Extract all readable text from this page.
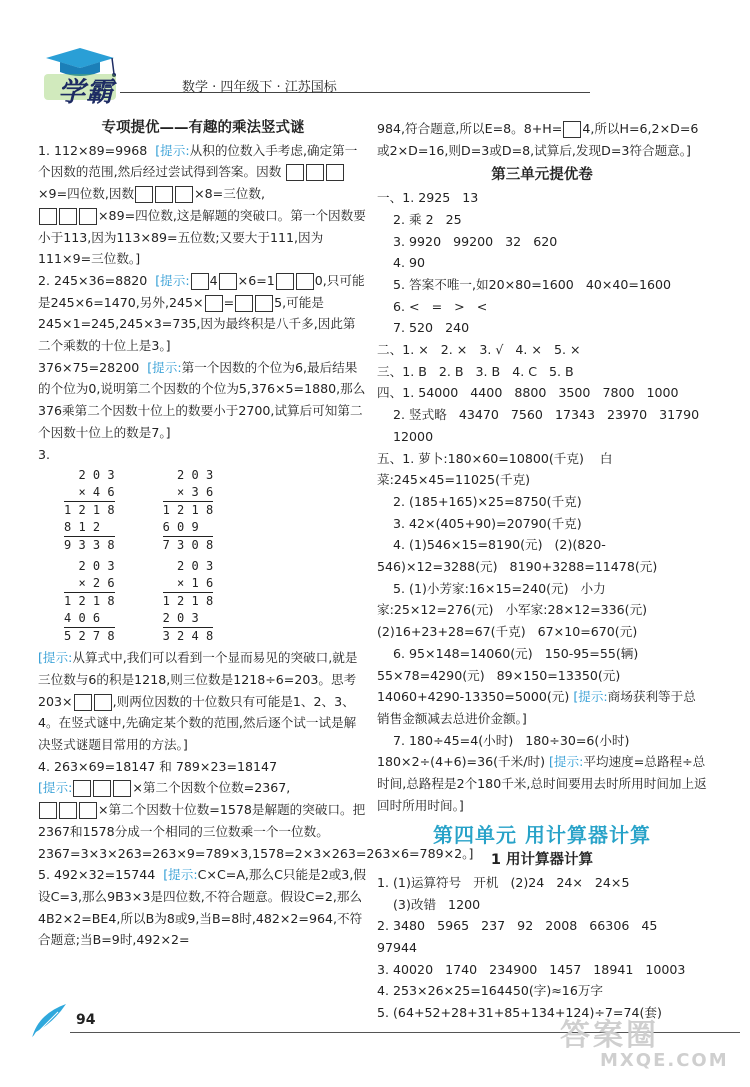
学霸	数学 · 四年级下 · 江苏国标

专项提优——有趣的乘法竖式谜

1. 112×89=9968 [提示:从积的位数入手考虑,确定第一个因数的范围,然后经过尝试得到答案。因数 ×9=四位数,因数	×8=三位数,
×89=四位数,这是解题的突破口。第一个因数要小于113,因为113×89=五位数;又要大于111,因为111×9=三位数。]

2. 245×36=8820 [提示: 4 ×6=1	0,只可能是245×6=1470,另外,245× =	5,可能是245×1=245,245×3=735,因为最终积是八千多,因此第二个乘数的十位上是3。]
376×75=28200 [提示:第一个因数的个位为6,最后结果的个位为0,说明第二个因数的个位为5,376×5=1880,那么376乘第二个因数十位上的数要小于2700,试算后可知第二个因数十位上的数是7。]

3.
2 0 3
× 4 6
1 2 1 8
8 1 2
9 3 3 8

2 0 3
× 3 6
1 2 1 8
6 0 9
7 3 0 8
2 0 3
× 2 6
1 2 1 8
4 0 6
5 2 7 8

2 0 3
× 1 6
1 2 1 8
2 0 3
3 2 4 8

[提示:从算式中,我们可以看到一个显而易见的突破口,就是三位数与6的积是1218,则三位数是1218÷6=203。思考203×	,则两位因数的十位数只有可能是1、2、3、4。在竖式谜中,先确定某个数的范围,然后逐个试一试是解决竖式谜题目常用的方法。]

4. 263×69=18147 和 789×23=18147
[提示:	×第二个因数个位数=2367,
×第二个因数十位数=1578是解题的突破口。把2367和1578分成一个相同的三位数乘一个一位数。2367=3×3×263=263×9=789×3,1578=2×3×263=263×6=789×2。]

5. 492×32=15744 [提示:C×C=A,那么C只能是2或3,假设C=3,那么9B3×3是四位数,不符合题意。假设C=2,那么4B2×2=BE4,所以B为8或9,当B=8时,482×2=964,不符合题意;当B=9时,492×2=

984,符合题意,所以E=8。8+H= 4,所以H=6,2×D=6或2×D=16,则D=3或D=8,试算后,发现D=3符合题意。]

第三单元提优卷

一、1. 2925   13

2. 乘 2   25

3. 9920   99200   32   620

4. 90

5. 答案不唯一,如20×80=1600   40×40=1600

6. <   =   >   <

7. 520   240

二、1. ×   2. ×   3. √   4. ×   5. ×

三、1. B   2. B   3. B   4. C   5. B

四、1. 54000   4400   8800   3500   7800   1000

2. 竖式略   43470   7560   17343   23970   31790

12000

五、1. 萝卜:180×60=10800(千克)    白菜:245×45=11025(千克)

2. (185+165)×25=8750(千克)

3. 42×(405+90)=20790(千克)

4. (1)546×15=8190(元)   (2)(820-546)×12=3288(元)   8190+3288=11478(元)

5. (1)小芳家:16×15=240(元)   小力家:25×12=276(元)   小军家:28×12=336(元)   (2)16+23+28=67(千克)   67×10=670(元)

6. 95×148=14060(元)   150-95=55(辆)   55×78=4290(元)   89×150=13350(元)   14060+4290-13350=5000(元) [提示:商场获利等于总销售金额减去总进价金额。]

7. 180÷45=4(小时)   180÷30=6(小时)   180×2÷(4+6)=36(千米/时) [提示:平均速度=总路程÷总时间,总路程是2个180千米,总时间要用去时所用时间加上返回时所用时间。]

第四单元 用计算器计算

1 用计算器计算

1. (1)运算符号   开机   (2)24   24×   24×5

(3)改错   1200

2. 3480   5965   237   92   2008   66306   45   97944

3. 40020   1740   234900   1457   18941   10003

4. 253×26×25=164450(字)≈16万字

5. (64+52+28+31+85+134+124)÷7=74(套)

94	答案圈
MXQE.COM
